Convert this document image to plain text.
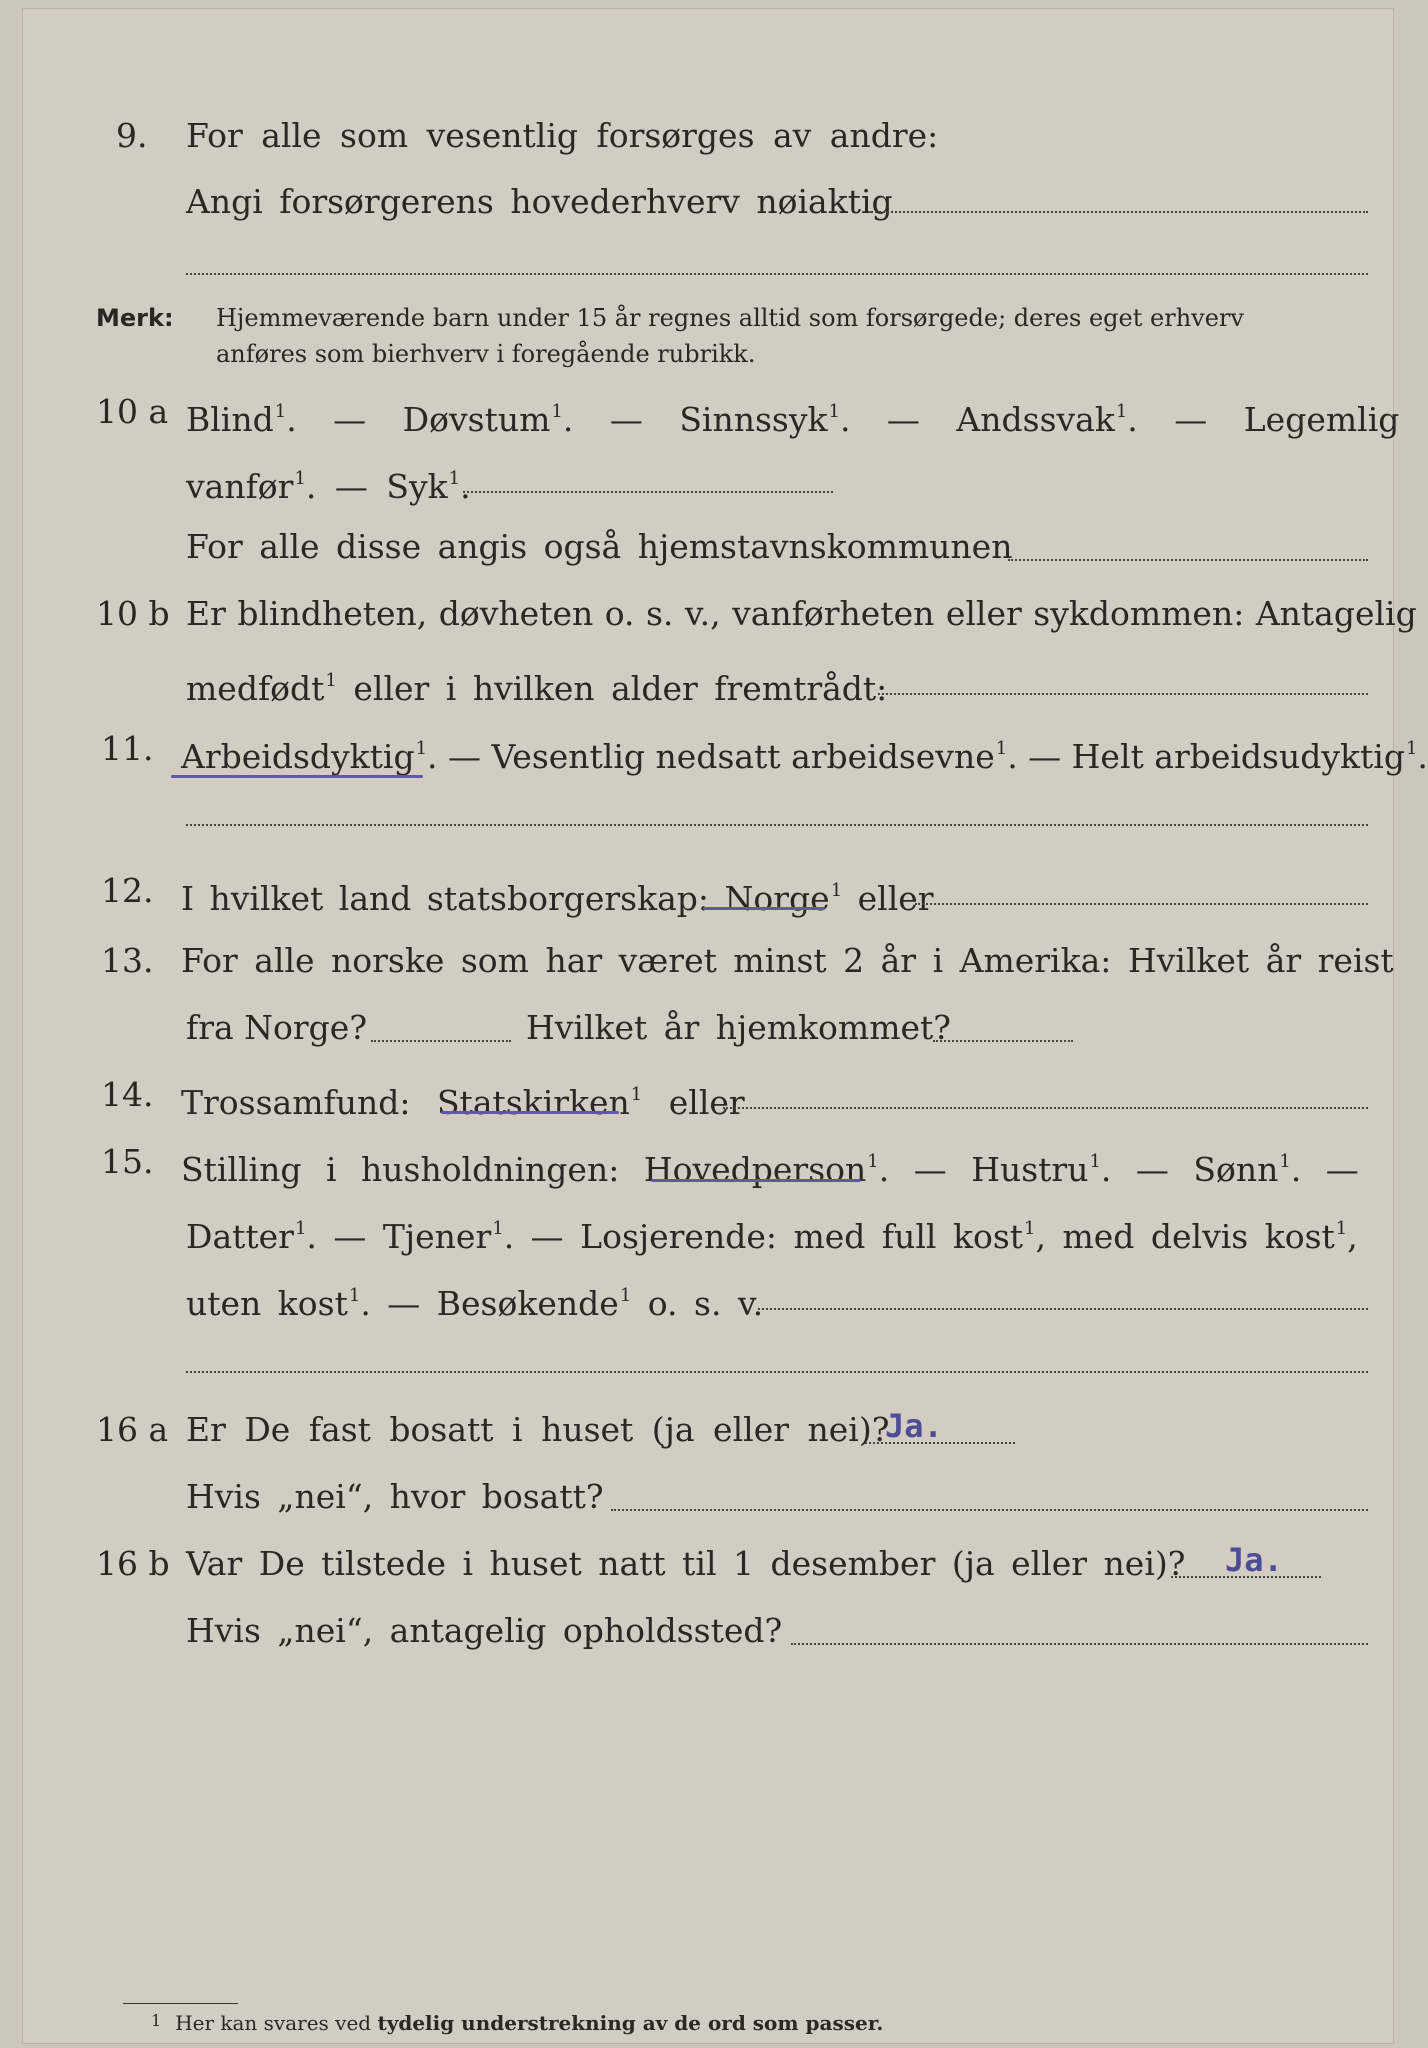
9. For alle som vesentlig forsørges av andre:
Angi forsørgerens hovederhverv nøiaktig
Merk: Hjemmeværende barn under 15 år regnes alltid som forsørgede; deres eget erhverv
anføres som bierhverv i foregående rubrikk.
10 a Blind$^1$. — Døvstum$^1$. — Sinnssyk$^1$. — Andssvak$^1$. — Legemlig
vanfør$^1$. — Syk$^1$.
For alle disse angis også hjemstavnskommunen
10 b Er blindheten, døvheten o. s. v., vanførheten eller sykdommen: Antagelig
medfødt$^1$ eller i hvilken alder fremtrådt:
11. Arbeidsdyktig$^1$. — Vesentlig nedsatt arbeidsevne$^1$. — Helt arbeidsudyktig$^1$.
12. I hvilket land statsborgerskap: Norge$^1$ eller
13. For alle norske som har været minst 2 år i Amerika: Hvilket år reist
fra Norge?	Hvilket år hjemkommet?
14. Trossamfund: Statskirken$^1$ eller
15. Stilling i husholdningen: Hovedperson$^1$. — Hustru$^1$. — Sønn$^1$. —
Datter$^1$. — Tjener$^1$. — Losjerende: med full kost$^1$, med delvis kost$^1$,
uten kost$^1$. — Besøkende$^1$ o. s. v.
16 a Er De fast bosatt i huset (ja eller nei)?
Ja.
Hvis „nei“, hvor bosatt?
16 b Var De tilstede i huset natt til 1 desember (ja eller nei)? Ja.
Hvis „nei“, antagelig opholdssted?
$^1$ Her kan svares ved tydelig understrekning av de ord som passer.
